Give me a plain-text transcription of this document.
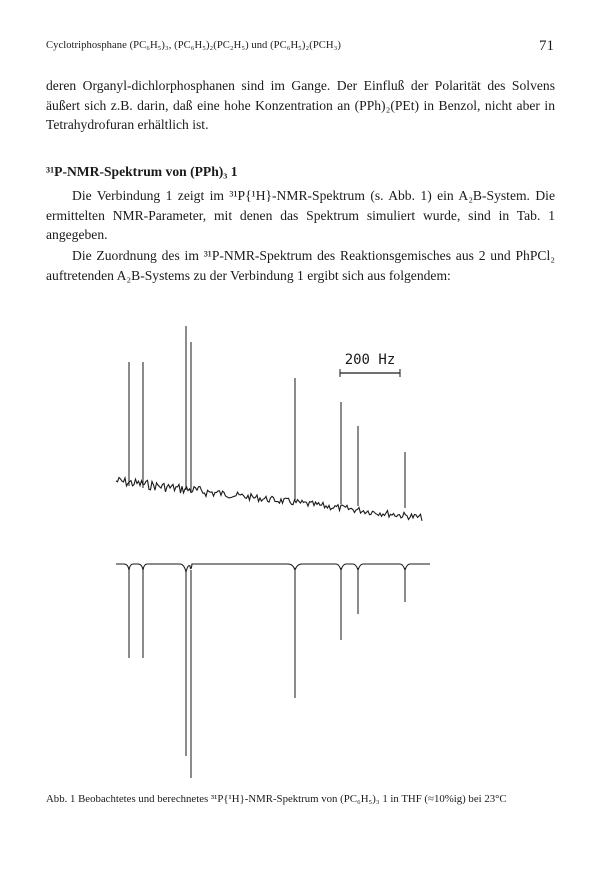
Cyclotriphosphane (PC₆H₅)₃, (PC₆H₅)₂(PC₂H₅) und (PC₆H₅)₂(PCH₃)	71

deren Organyl-dichlorphosphanen sind im Gange. Der Einfluß der Polarität des Solvens äußert sich z.B. darin, daß eine hohe Konzentration an (PPh)₂(PEt) in Benzol, nicht aber in Tetrahydrofuran erhältlich ist.

³¹P-NMR-Spektrum von (PPh)₃ 1

Die Verbindung 1 zeigt im ³¹P{¹H}-NMR-Spektrum (s. Abb. 1) ein A₂B-System. Die ermittelten NMR-Parameter, mit denen das Spektrum simuliert wurde, sind in Tab. 1 angegeben.

Die Zuordnung des im ³¹P-NMR-Spektrum des Reaktionsgemisches aus 2 und PhPCl₂ auftretenden A₂B-Systems zu der Verbindung 1 ergibt sich aus folgendem:

200 Hz

Abb. 1 Beobachtetes und berechnetes ³¹P{¹H}-NMR-Spektrum von (PC₆H₅)₃ 1 in THF (≈10%ig) bei 23°C
